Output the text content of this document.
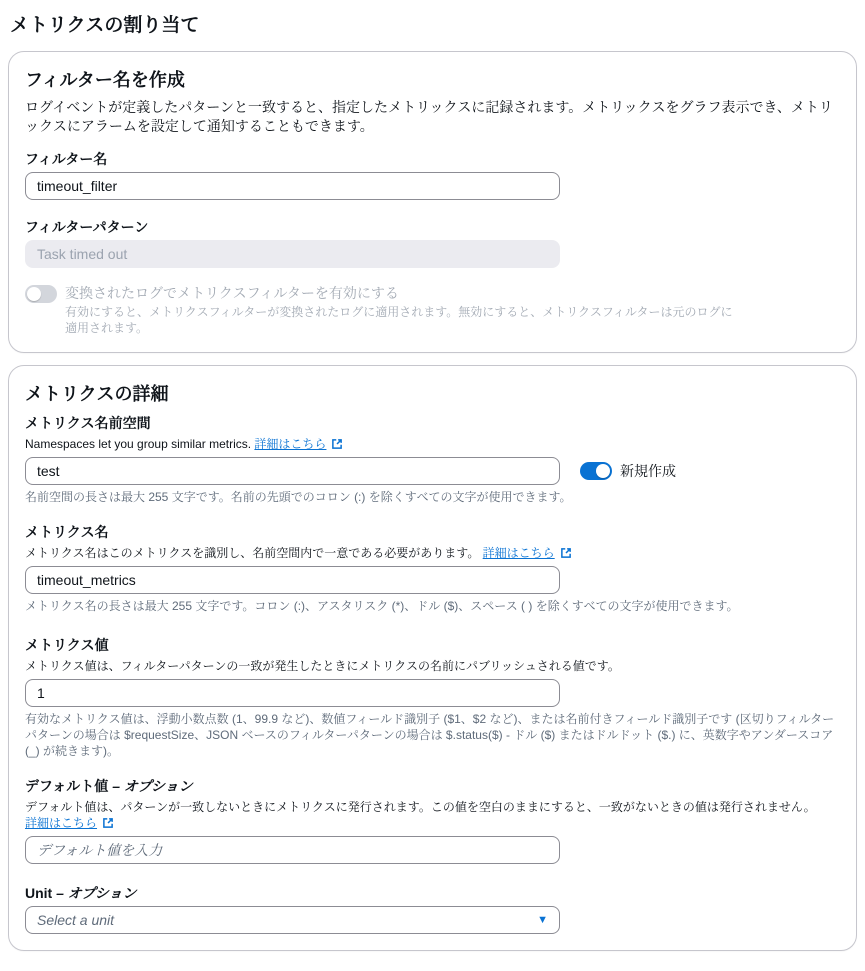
メトリクスの割り当て
フィルター名を作成

ログイベントが定義したパターンと一致すると、指定したメトリックスに記録されます。メトリックスをグラフ表示でき、メトリックスにアラームを設定して通知することもできます。

フィルター名
timeout_filter
フィルターパターン
Task timed out
変換されたログでメトリクスフィルターを有効にする
有効にすると、メトリクスフィルターが変換されたログに適用されます。無効にすると、メトリクスフィルターは元のログに適用されます。
メトリクスの詳細
メトリクス名前空間
Namespaces let you group similar metrics. 詳細はこちら
test
新規作成
名前空間の長さは最大 255 文字です。名前の先頭でのコロン (:) を除くすべての文字が使用できます。
メトリクス名
メトリクス名はこのメトリクスを識別し、名前空間内で一意である必要があります。 詳細はこちら
timeout_metrics
メトリクス名の長さは最大 255 文字です。コロン (:)、アスタリスク (*)、ドル ($)、スペース ( ) を除くすべての文字が使用できます。
メトリクス値
メトリクス値は、フィルターパターンの一致が発生したときにメトリクスの名前にパブリッシュされる値です。
1
有効なメトリクス値は、浮動小数点数 (1、99.9 など)、数値フィールド識別子 ($1、$2 など)、または名前付きフィールド識別子です (区切りフィルターパターンの場合は $requestSize、JSON ベースのフィルターパターンの場合は $.status($) - ドル ($) またはドルドット ($.) に、英数字やアンダースコア (_) が続きます)。
デフォルト値 – オプション
デフォルト値は、パターンが一致しないときにメトリクスに発行されます。この値を空白のままにすると、一致がないときの値は発行されません。
詳細はこちら
デフォルト値を入力
Unit – オプション
Select a unit	▼
